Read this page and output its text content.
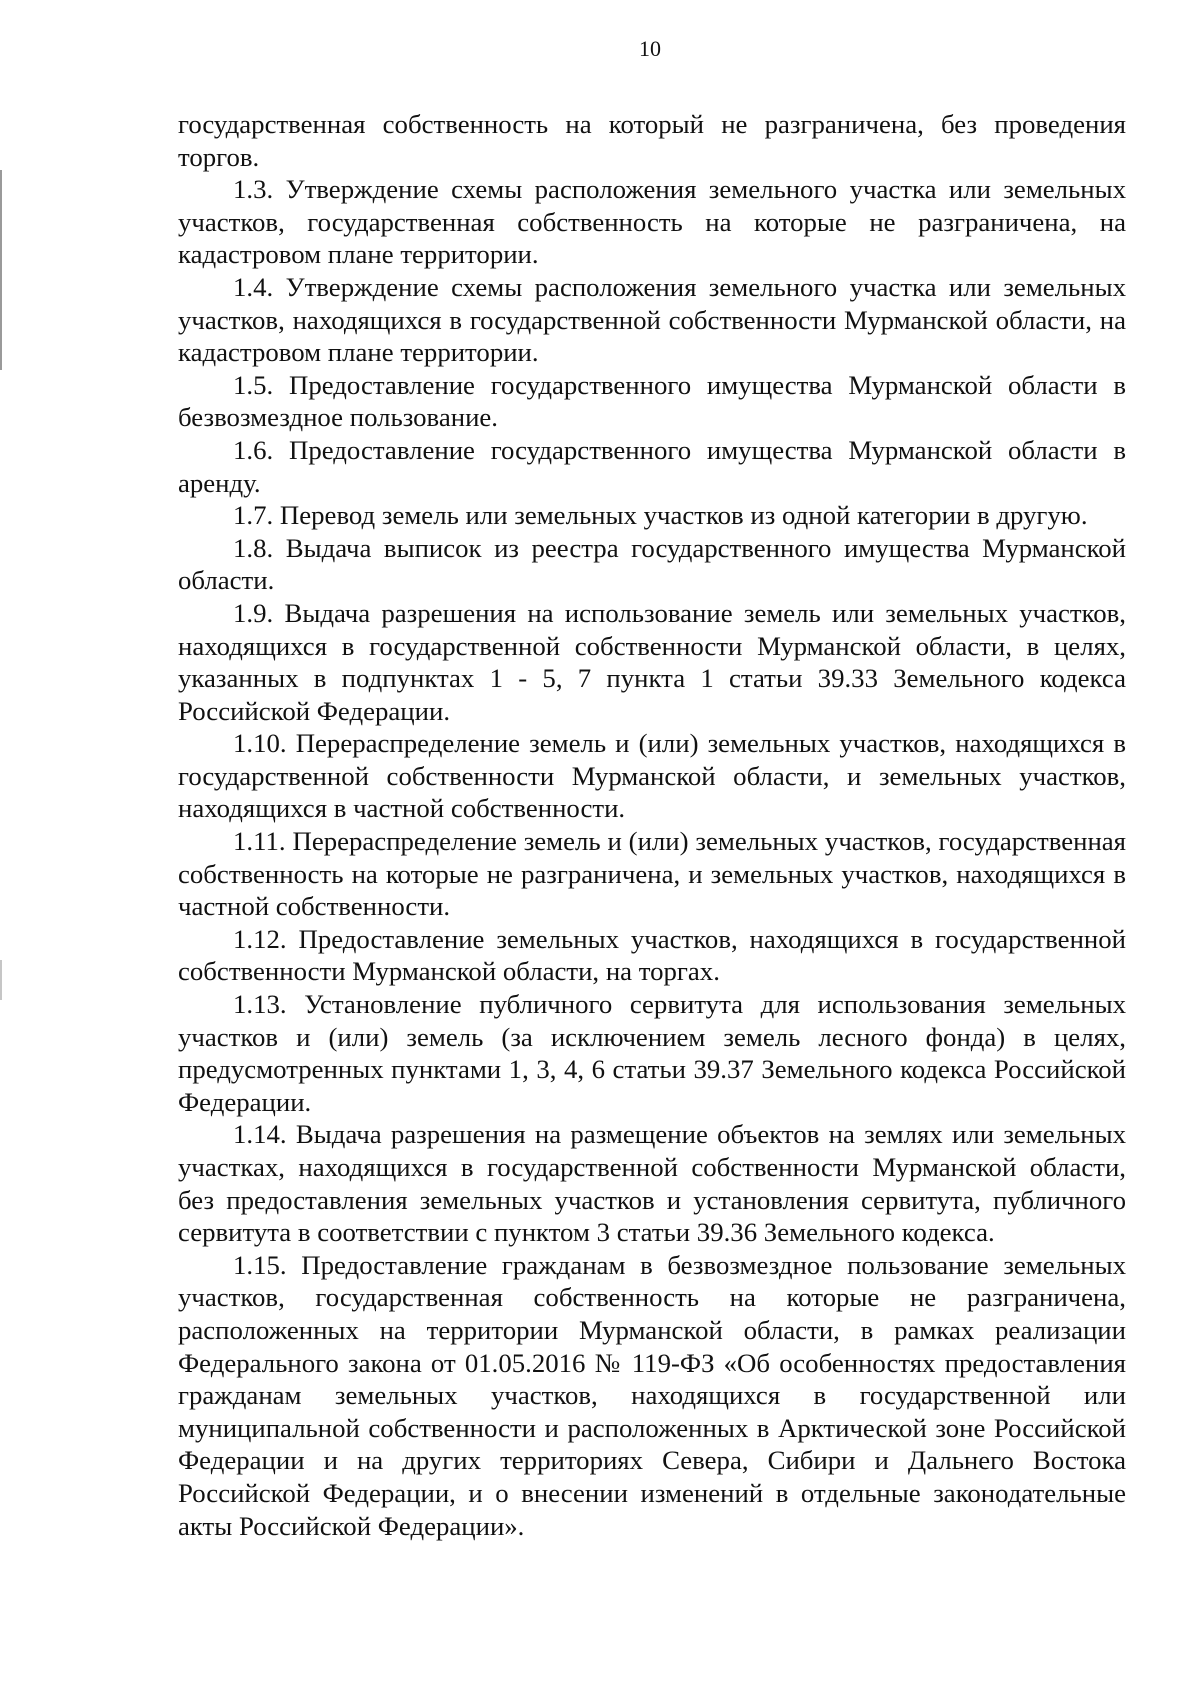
10

государственная собственность на который не разграничена, без проведения торгов.

1.3. Утверждение схемы расположения земельного участка или земельных участков, государственная собственность на которые не разграничена, на кадастровом плане территории.

1.4. Утверждение схемы расположения земельного участка или земельных участков, находящихся в государственной собственности Мурманской области, на кадастровом плане территории.

1.5. Предоставление государственного имущества Мурманской области в безвозмездное пользование.

1.6. Предоставление государственного имущества Мурманской области в аренду.

1.7. Перевод земель или земельных участков из одной категории в другую.

1.8. Выдача выписок из реестра государственного имущества Мурманской области.

1.9. Выдача разрешения на использование земель или земельных участков, находящихся в государственной собственности Мурманской области, в целях, указанных в подпунктах 1 - 5, 7 пункта 1 статьи 39.33 Земельного кодекса Российской Федерации.

1.10. Перераспределение земель и (или) земельных участков, находящихся в государственной собственности Мурманской области, и земельных участков, находящихся в частной собственности.

1.11. Перераспределение земель и (или) земельных участков, государственная собственность на которые не разграничена, и земельных участков, находящихся в частной собственности.

1.12. Предоставление земельных участков, находящихся в государственной собственности Мурманской области, на торгах.

1.13. Установление публичного сервитута для использования земельных участков и (или) земель (за исключением земель лесного фонда) в целях, предусмотренных пунктами 1, 3, 4, 6 статьи 39.37 Земельного кодекса Российской Федерации.

1.14. Выдача разрешения на размещение объектов на землях или земельных участках, находящихся в государственной собственности Мурманской области, без предоставления земельных участков и установления сервитута, публичного сервитута в соответствии с пунктом 3 статьи 39.36 Земельного кодекса.

1.15. Предоставление гражданам в безвозмездное пользование земельных участков, государственная собственность на которые не разграничена, расположенных на территории Мурманской области, в рамках реализации Федерального закона от 01.05.2016 № 119-ФЗ «Об особенностях предоставления гражданам земельных участков, находящихся в государственной или муниципальной собственности и расположенных в Арктической зоне Российской Федерации и на других территориях Севера, Сибири и Дальнего Востока Российской Федерации, и о внесении изменений в отдельные законодательные акты Российской Федерации».
